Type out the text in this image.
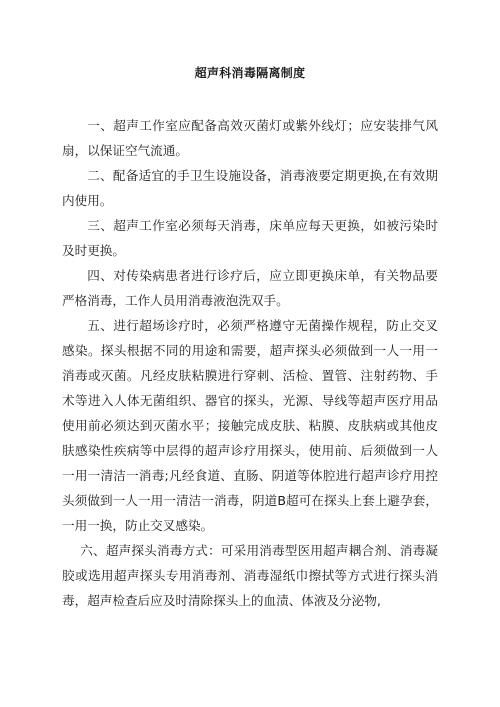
超声科消毒隔离制度

一、超声工作室应配备高效灭菌灯或紫外线灯；应安装排气风扇，以保证空气流通。

二、配备适宜的手卫生设施设备，消毒液要定期更换,在有效期内使用。

三、超声工作室必须每天消毒，床单应每天更换，如被污染时及时更换。

四、对传染病患者进行诊疗后，应立即更换床单，有关物品要严格消毒，工作人员用消毒液泡洗双手。

五、进行超场诊疗时，必须严格遵守无菌操作规程，防止交叉感染。探头根据不同的用途和需要，超声探头必须做到一人一用一消毒或灭菌。凡经皮肤粘膜进行穿刺、活检、置管、注射药物、手术等进入人体无菌组织、器官的探头，光源、导线等超声医疗用品使用前必须达到灭菌水平；接触完成皮肤、粘膜、皮肤病或其他皮肤感染性疾病等中层得的超声诊疗用探头，使用前、后须做到一人一用一清洁一消毒;凡经食道、直肠、阴道等体腔进行超声诊疗用控头须做到一人一用一清洁一消毒，阴道B超可在探头上套上避孕套，一用一换，防止交叉感染。

六、超声探头消毒方式：可采用消毒型医用超声耦合剂、消毒凝胶或选用超声探头专用消毒剂、消毒湿纸巾擦拭等方式进行探头消毒，超声检查后应及时清除探头上的血渍、体液及分泌物,
